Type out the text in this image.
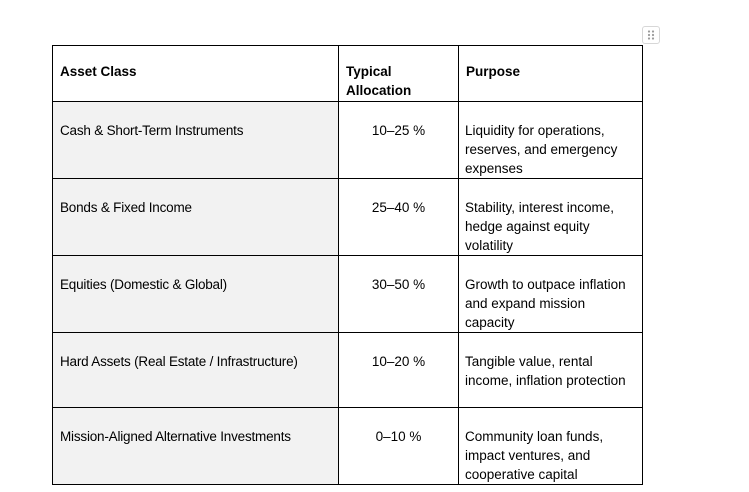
Asset Class	Typical Allocation	Purpose

Cash & Short-Term Instruments	10–25 %	Liquidity for operations, reserves, and emergency expenses

Bonds & Fixed Income	25–40 %	Stability, interest income, hedge against equity volatility

Equities (Domestic & Global)	30–50 %	Growth to outpace inflation and expand mission capacity

Hard Assets (Real Estate / Infrastructure)	10–20 %	Tangible value, rental income, inflation protection

Mission-Aligned Alternative Investments	0–10 %	Community loan funds, impact ventures, and cooperative capital
